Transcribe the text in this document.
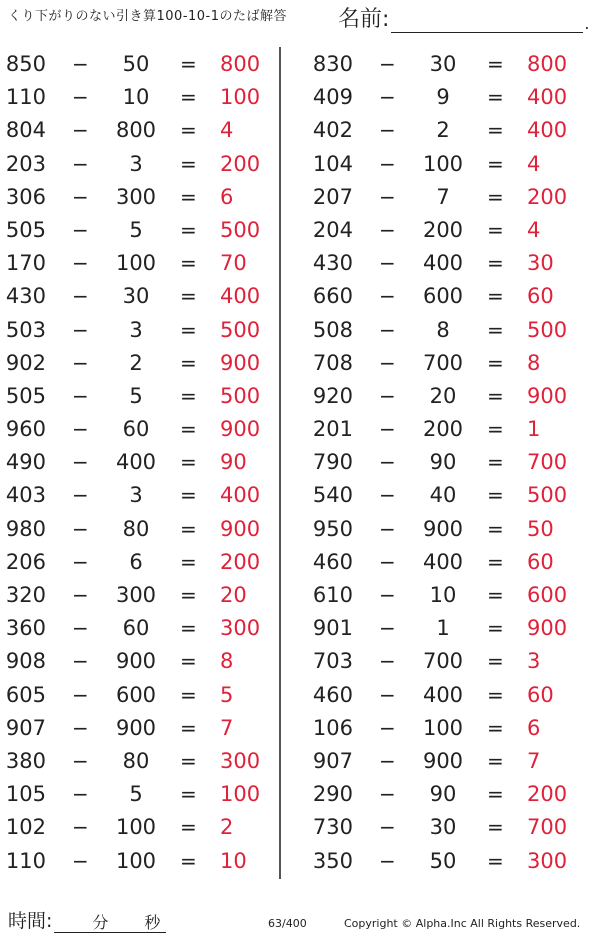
くり下がりのない引き算100-10-1のたば解答 名前:	.
850 −	50	= 800
110 −	10	= 100
804 −	800	= 4
203 −	3	= 200
306 −	300	= 6
505 −	5	= 500
170 −	100	= 70
430 −	30	= 400
503 −	3	= 500
902 −	2	= 900
505 −	5	= 500
960 −	60	= 900
490 −	400	= 90
403 −	3	= 400
980 −	80	= 900
206 −	6	= 200
320 −	300	= 20
360 −	60	= 300
908 −	900	= 8
605 −	600	= 5
907 −	900	= 7
380 −	80	= 300
105 −	5	= 100
102 −	100	= 2
110 −	100	= 10
830 −	30	= 800
409 −	9	= 400
402 −	2	= 400
104 −	100	= 4
207 −	7	= 200
204 −	200	= 4
430 −	400	= 30
660 −	600	= 60
508 −	8	= 500
708 −	700	= 8
920 −	20	= 900
201 −	200	= 1
790 −	90	= 700
540 −	40	= 500
950 −	900	= 50
460 −	400	= 60
610 −	10	= 600
901 −	1	= 900
703 −	700	= 3
460 −	400	= 60
106 −	100	= 6
907 −	900	= 7
290 −	90	= 200
730 −	30	= 700
350 −	50	= 300
時間:	分 秒	63/400	Copyright © Alpha.Inc All Rights Reserved.
